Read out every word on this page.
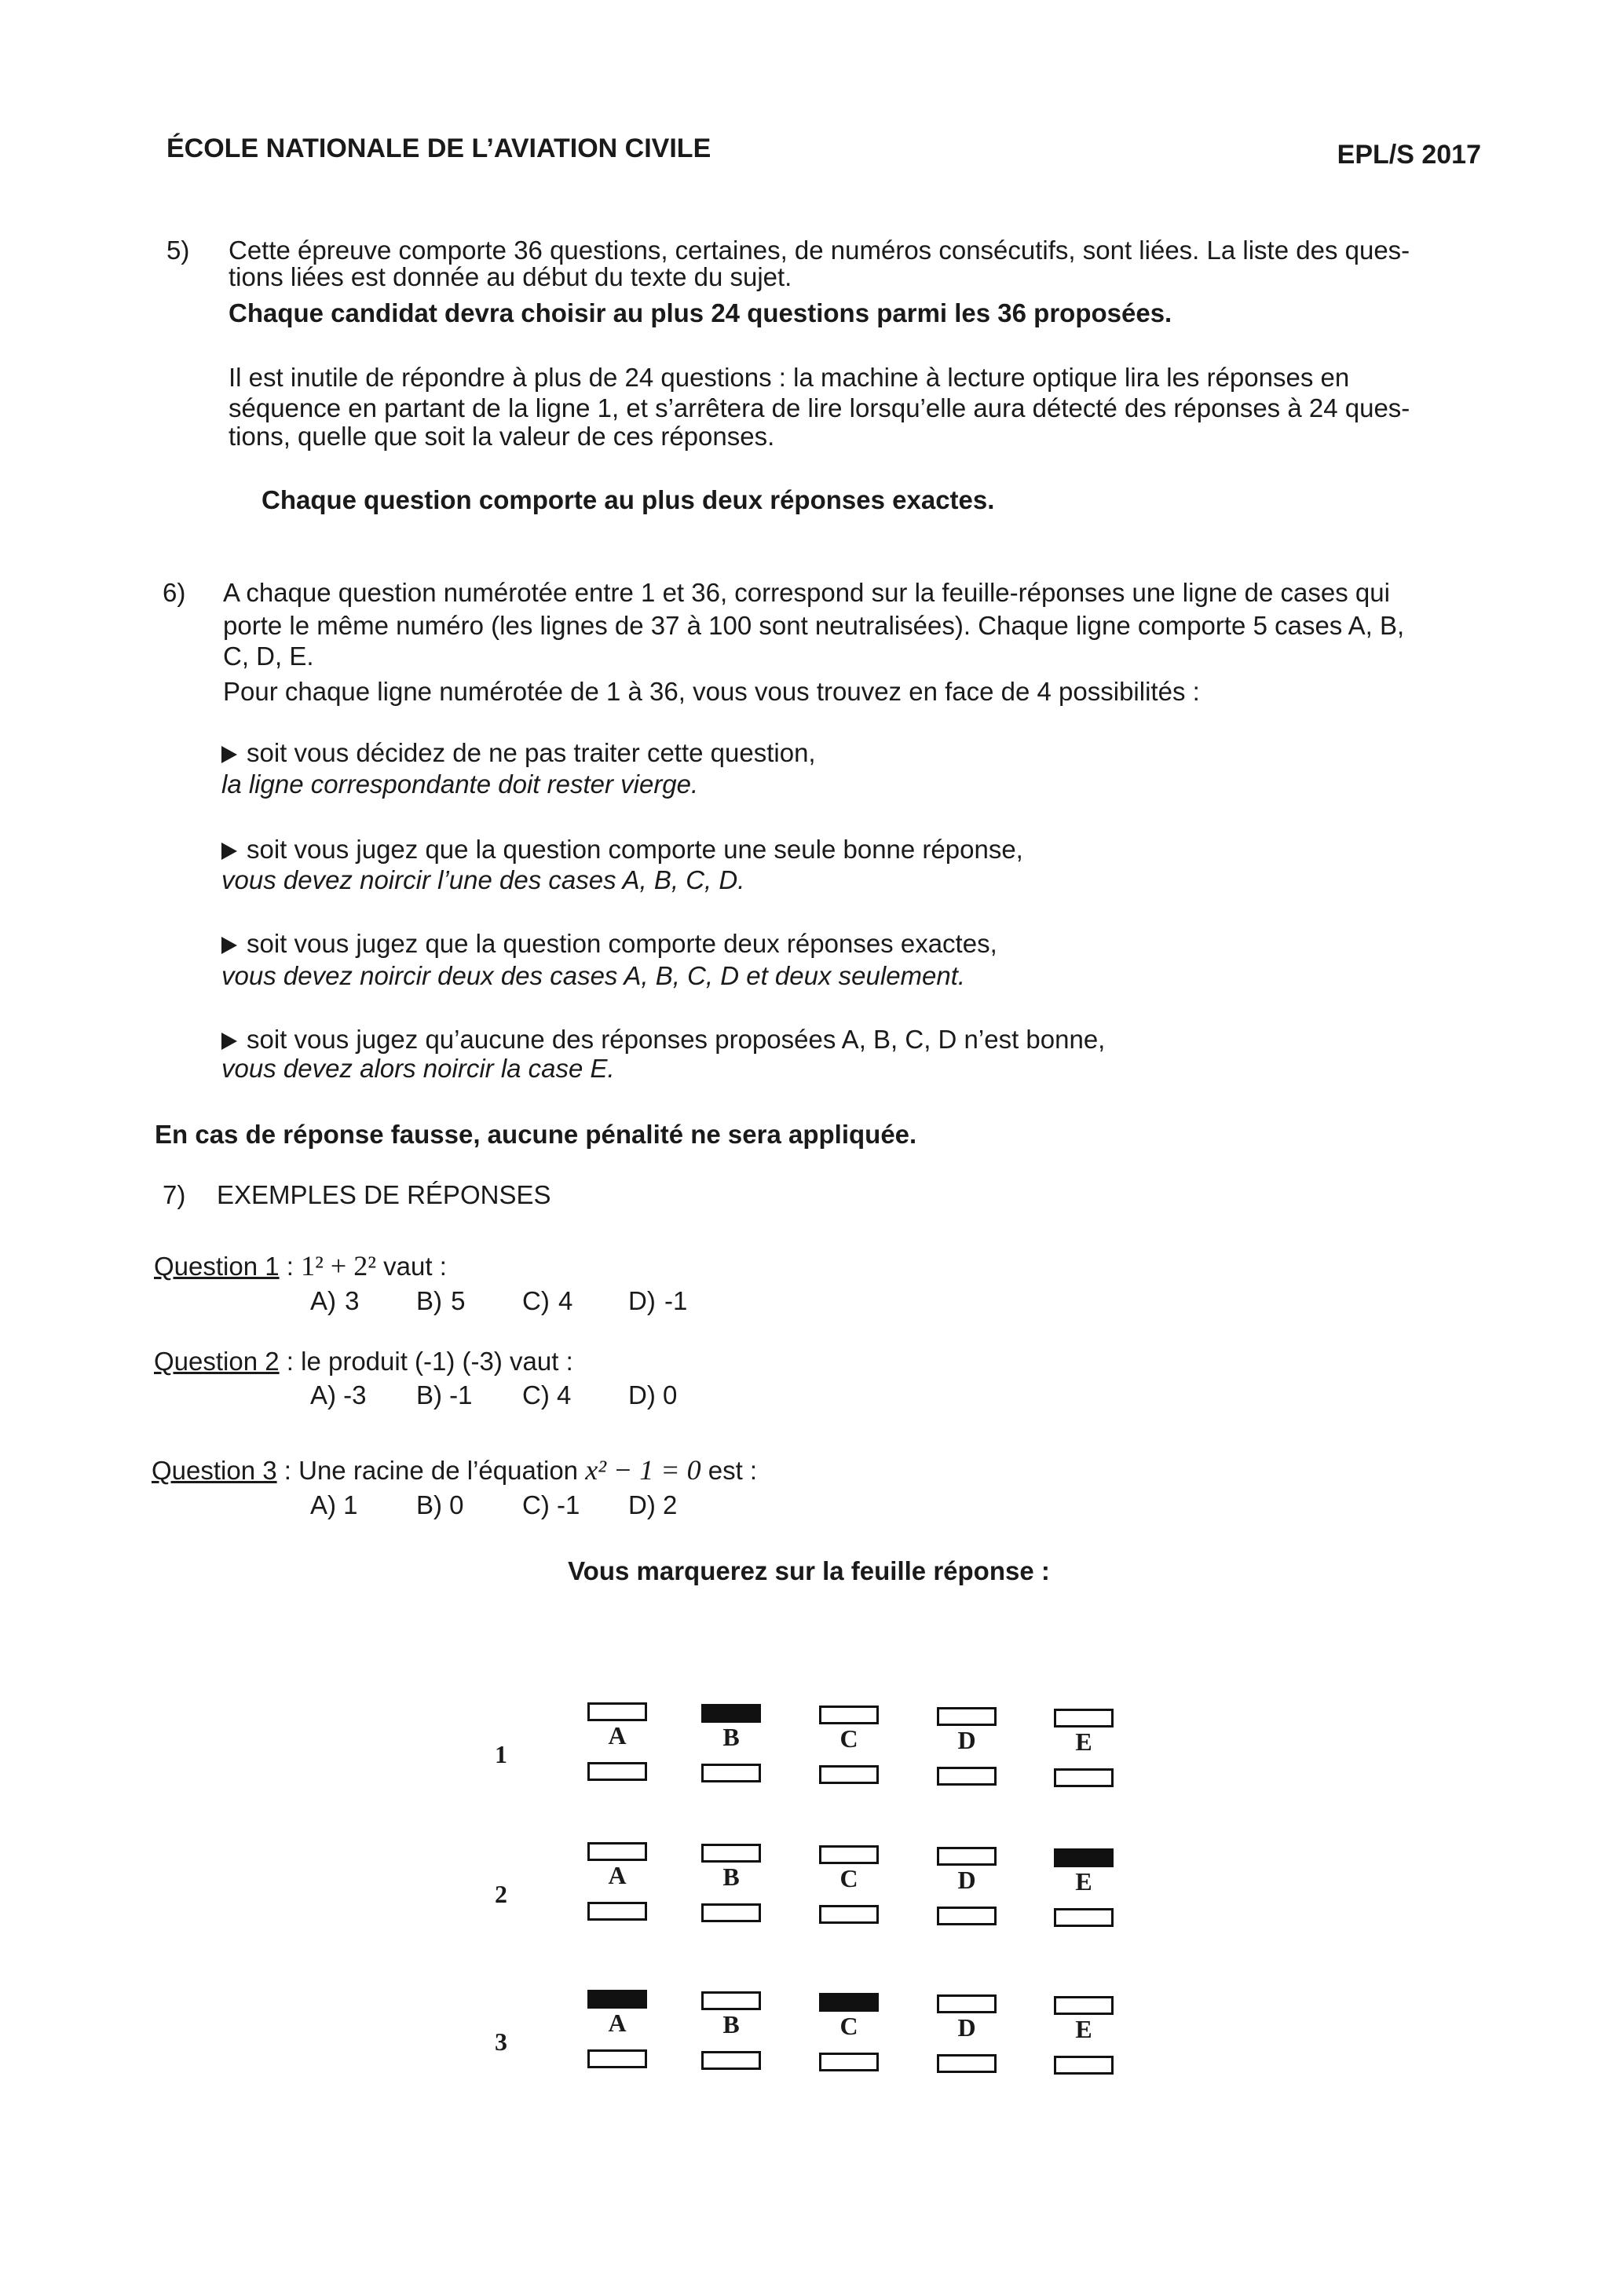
ÉCOLE NATIONALE DE L’AVIATION CIVILE	EPL/S 2017
5) Cette épreuve comporte 36 questions, certaines, de numéros consécutifs, sont liées. La liste des ques-
tions liées est donnée au début du texte du sujet.
Chaque candidat devra choisir au plus 24 questions parmi les 36 proposées.
Il est inutile de répondre à plus de 24 questions : la machine à lecture optique lira les réponses en
séquence en partant de la ligne 1, et s’arrêtera de lire lorsqu’elle aura détecté des réponses à 24 ques-
tions, quelle que soit la valeur de ces réponses.
Chaque question comporte au plus deux réponses exactes.
6) A chaque question numérotée entre 1 et 36, correspond sur la feuille-réponses une ligne de cases qui
porte le même numéro (les lignes de 37 à 100 sont neutralisées). Chaque ligne comporte 5 cases A, B,
C, D, E.
Pour chaque ligne numérotée de 1 à 36, vous vous trouvez en face de 4 possibilités :
soit vous décidez de ne pas traiter cette question,
la ligne correspondante doit rester vierge.
soit vous jugez que la question comporte une seule bonne réponse,
vous devez noircir l’une des cases A, B, C, D.
soit vous jugez que la question comporte deux réponses exactes,
vous devez noircir deux des cases A, B, C, D et deux seulement.
soit vous jugez qu’aucune des réponses proposées A, B, C, D n’est bonne,
vous devez alors noircir la case E.
En cas de réponse fausse, aucune pénalité ne sera appliquée.
7) EXEMPLES DE RÉPONSES
Question 1 : 1² + 2² vaut :
A) 3 B) 5 C) 4 D) -1
Question 2 : le produit (-1) (-3) vaut :
A) -3 B) -1 C) 4 D) 0
Question 3 : Une racine de l’équation x² − 1 = 0 est :
A) 1 B) 0 C) -1 D) 2
Vous marquerez sur la feuille réponse :
1
A	B	C	D	E
2
A	B	C	D	E
3
A	B	C	D	E
